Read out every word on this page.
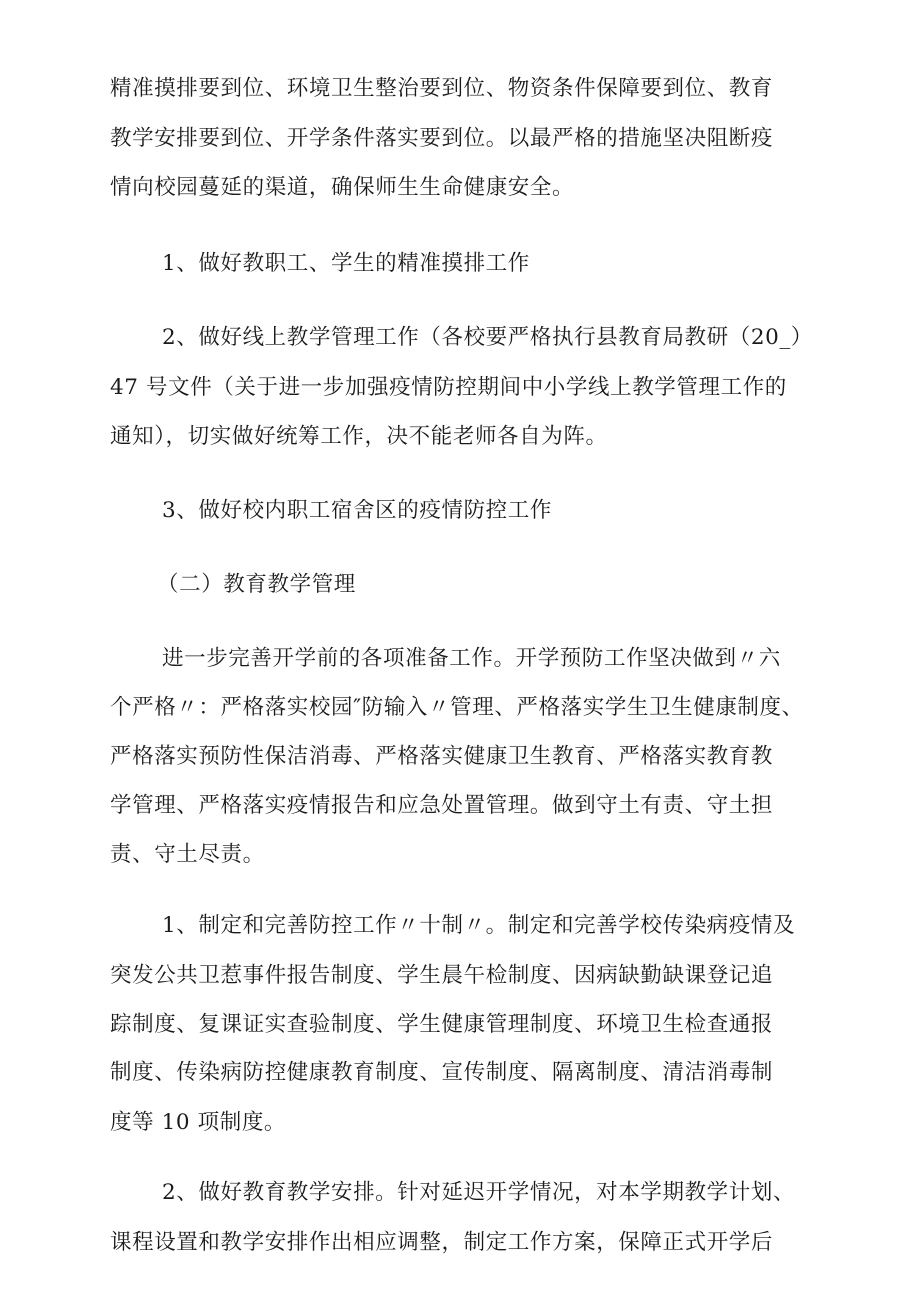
精准摸排要到位、环境卫生整治要到位、物资条件保障要到位、教育
教学安排要到位、开学条件落实要到位。以最严格的措施坚决阻断疫
情向校园蔓延的渠道，确保师生生命健康安全。
1、做好教职工、学生的精准摸排工作
2、做好线上教学管理工作（各校要严格执行县教育局教研（20_）
47 号文件（关于进一步加强疫情防控期间中小学线上教学管理工作的
通知），切实做好统筹工作，决不能老师各自为阵。
3、做好校内职工宿舍区的疫情防控工作
（二）教育教学管理
进一步完善开学前的各项准备工作。开学预防工作坚决做到〃六
个严格〃：严格落实校园″防输入〃管理、严格落实学生卫生健康制度、
严格落实预防性保洁消毒、严格落实健康卫生教育、严格落实教育教
学管理、严格落实疫情报告和应急处置管理。做到守土有责、守土担
责、守土尽责。
1、制定和完善防控工作〃十制〃。制定和完善学校传染病疫情及
突发公共卫惹事件报告制度、学生晨午检制度、因病缺勤缺课登记追
踪制度、复课证实查验制度、学生健康管理制度、环境卫生检查通报
制度、传染病防控健康教育制度、宣传制度、隔离制度、清洁消毒制
度等 10 项制度。
2、做好教育教学安排。针对延迟开学情况，对本学期教学计划、
课程设置和教学安排作出相应调整，制定工作方案，保障正式开学后
